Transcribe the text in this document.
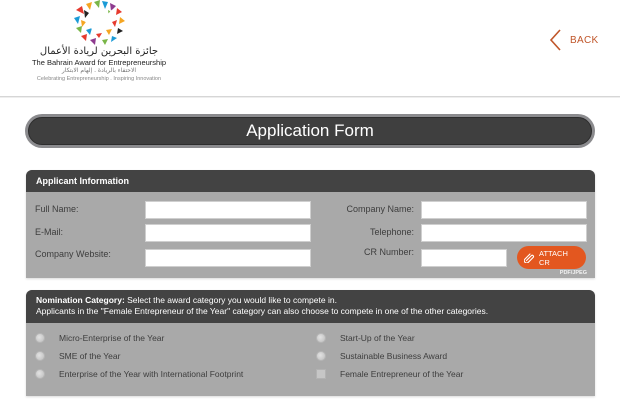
جائزة البحرين لريادة الأعمال
The Bahrain Award for Entrepreneurship
الاحتفاء بالريادة . إلهام الابتكار
Celebrating Entrepreneurship . Inspiring Innovation
BACK
Application Form
Applicant Information
Full Name:
E-Mail:
Company Website:
Company Name:
Telephone:
CR Number:	ATTACH
CR
PDF/JPEG
Nomination Category: Select the award category you would like to compete in.
Applicants in the "Female Entrepreneur of the Year" category can also choose to compete in one of the other categories.
Micro-Enterprise of the Year
SME of the Year
Enterprise of the Year with International Footprint
Start-Up of the Year
Sustainable Business Award
Female Entrepreneur of the Year
